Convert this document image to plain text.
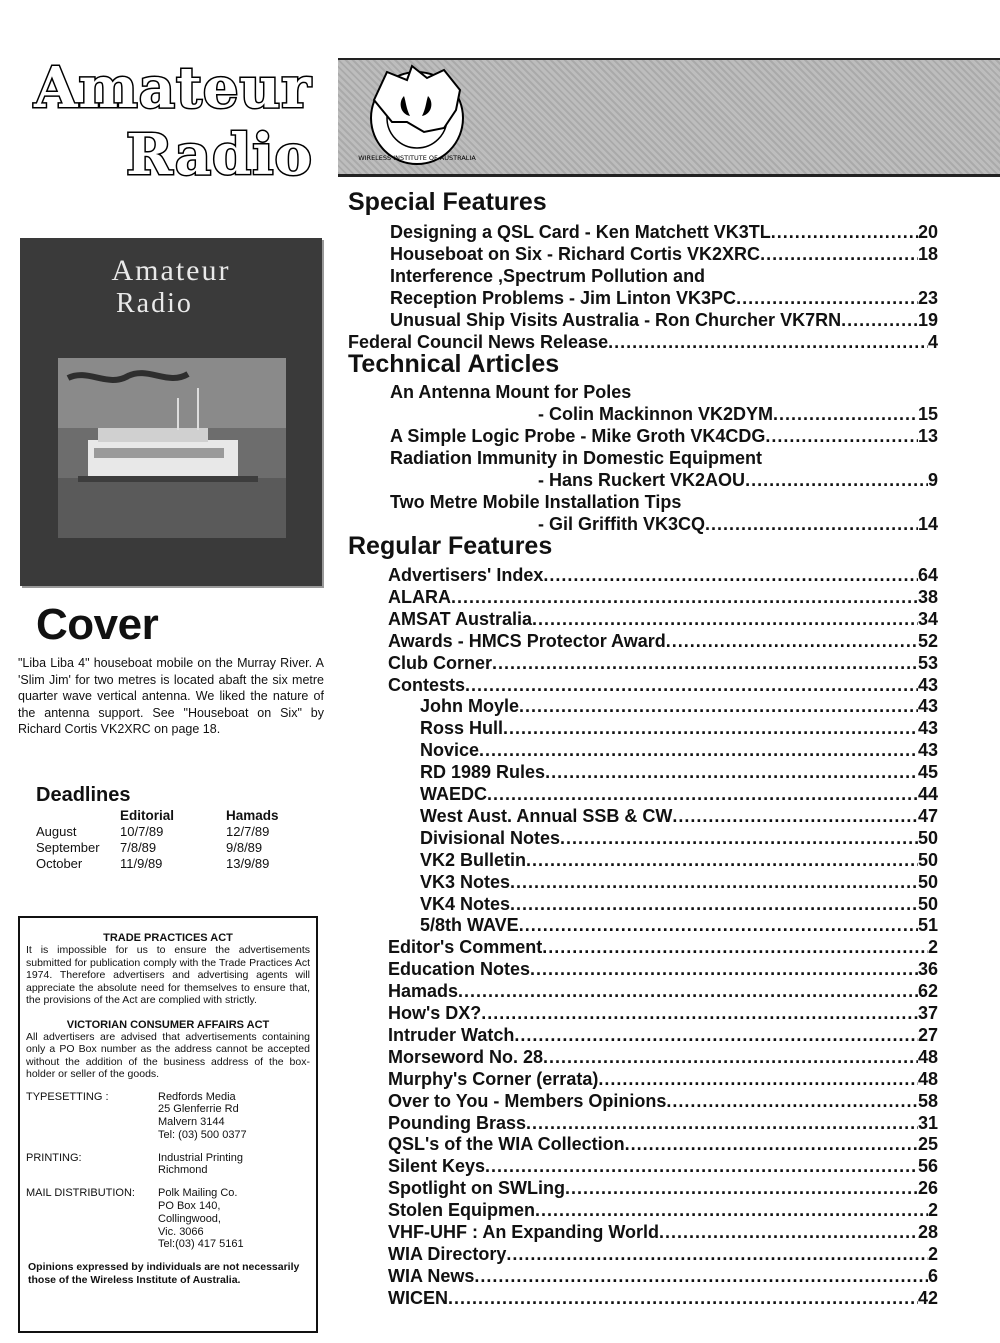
Amateur
Radio	WIRELESS INSTITUTE OF AUSTRALIA
Amateur
Radio
Cover
"Liba Liba 4" houseboat mobile on the Murray River. A 'Slim Jim' for two metres is located abaft the six metre quarter wave vertical antenna. We liked the nature of the antenna support. See "Houseboat on Six" by Richard Cortis VK2XRC on page 18.
Deadlines
	Editorial	Hamads
August	10/7/89	12/7/89
September	7/8/89	9/8/89
October	11/9/89	13/9/89
TRADE PRACTICES ACT
It is impossible for us to ensure the advertisements submitted for publication comply with the Trade Practices Act 1974. Therefore advertisers and advertising agents will appreciate the absolute need for themselves to ensure that, the provisions of the Act are complied with strictly.
VICTORIAN CONSUMER AFFAIRS ACT
All advertisers are advised that advertisements containing only a PO Box number as the address cannot be accepted without the addition of the business address of the box-holder or seller of the goods.
TYPESETTING :	Redfords Media
25 Glenferrie Rd
Malvern 3144
Tel: (03) 500 0377
PRINTING:	Industrial Printing
Richmond
MAIL DISTRIBUTION:	Polk Mailing Co.
PO Box 140,
Collingwood,
Vic. 3066
Tel:(03) 417 5161
Opinions expressed by individuals are not necessarily those of the Wireless Institute of Australia.
Special Features
Technical Articles
Regular Features
Designing a QSL Card - Ken Matchett VK3TL . . .	20
Houseboat on Six - Richard Cortis VK2XRC . . .	18
Interference ,Spectrum Pollution and
Reception Problems - Jim Linton VK3PC . . .	23
Unusual Ship Visits Australia - Ron Churcher VK7RN . . .	19
Federal Council News Release . . .	4
An Antenna Mount for Poles
- Colin Mackinnon VK2DYM . . .	15
A Simple Logic Probe - Mike Groth VK4CDG . . .	13
Radiation Immunity in Domestic Equipment
- Hans Ruckert VK2AOU . . .	9
Two Metre Mobile Installation Tips
- Gil Griffith VK3CQ . . .	14
Advertisers' Index . . .	64
ALARA . . .	38
AMSAT Australia . . .	34
Awards - HMCS Protector Award . . .	52
Club Corner . . .	53
Contests . . .	43
John Moyle . . .	43
Ross Hull . . .	43
Novice . . .	43
RD 1989 Rules . . .	45
WAEDC . . .	44
West Aust. Annual SSB & CW . . .	47
Divisional Notes . . .	50
VK2 Bulletin . . .	50
VK3 Notes . . .	50
VK4 Notes . . .	50
5/8th WAVE . . .	51
Editor's Comment . . .	2
Education Notes . . .	36
Hamads . . .	62
How's DX? . . .	37
Intruder Watch . . .	27
Morseword No. 28 . . .	48
Murphy's Corner (errata) . . .	48
Over to You - Members Opinions . . .	58
Pounding Brass . . .	31
QSL's of the WIA Collection . . .	25
Silent Keys . . .	56
Spotlight on SWLing . . .	26
Stolen Equipmen . . .	2
VHF-UHF : An Expanding World . . .	28
WIA Directory . . .	2
WIA News . . .	6
WICEN . . .	42
